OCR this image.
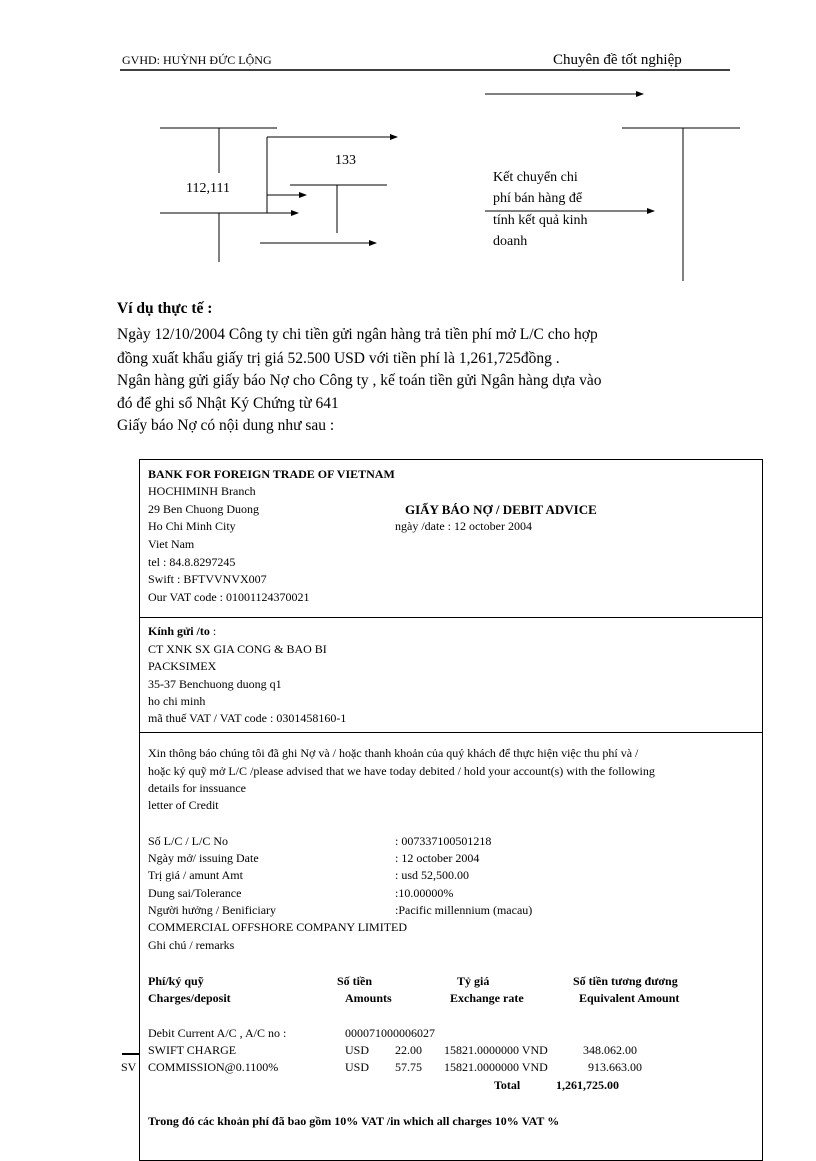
GVHD: HUỲNH ĐỨC LỘNG	Chuyên đề tốt nghiệp
112,111
133
Kết chuyển chi
phí bán hàng để
tính kết quả kinh
doanh
Ví dụ thực tế :
Ngày 12/10/2004 Công ty chi tiền gửi ngân hàng trả tiền phí mở L/C cho hợp
đồng xuất khẩu giấy trị giá 52.500 USD với tiền phí là 1,261,725đồng .
Ngân hàng gửi giấy báo Nợ cho Công ty , kế toán tiền gửi Ngân hàng dựa vào
đó để ghi sổ Nhật Ký Chứng từ 641
Giấy báo Nợ có nội dung như sau :
BANK FOR FOREIGN TRADE OF VIETNAM
HOCHIMINH Branch
29 Ben Chuong Duong
Ho Chi Minh City
Viet Nam
tel : 84.8.8297245
Swift : BFTVVNVX007
Our VAT code : 01001124370021
GIẤY BÁO NỢ / DEBIT ADVICE
ngày /date : 12 october 2004
Kính gửi /to :
CT XNK SX GIA CONG & BAO BI
PACKSIMEX
35-37 Benchuong duong q1
ho chi minh
mã thuế VAT / VAT code : 0301458160-1
Xin thông báo chúng tôi đã ghi Nợ và / hoặc thanh khoản của quý khách để thực hiện việc thu phí và /
hoặc ký quỹ mở L/C /please advised that we have today debited / hold your account(s) with the following
details for inssuance
letter of Credit
Số L/C / L/C No	: 007337100501218
Ngày mở/ issuing Date	: 12 october 2004
Trị giá / amunt Amt	: usd 52,500.00
Dung sai/Tolerance	:10.00000%
Người hưởng / Benificiary	:Pacific millennium (macau)
COMMERCIAL OFFSHORE COMPANY LIMITED
Ghi chú / remarks
Phí/ký quỹ	Số tiền	Tỷ giá	Số tiền tương đương
Charges/deposit	Amounts	Exchange rate	Equivalent Amount
Debit Current A/C , A/C no :	000071000006027
SWIFT CHARGE	USD 22.00 15821.0000000 VND	348.062.00
COMMISSION@0.1100%	USD 57.75 15821.0000000 VND	913.663.00
Total	1,261,725.00
Trong đó các khoản phí đã bao gồm 10% VAT /in which all charges 10% VAT %
SV
